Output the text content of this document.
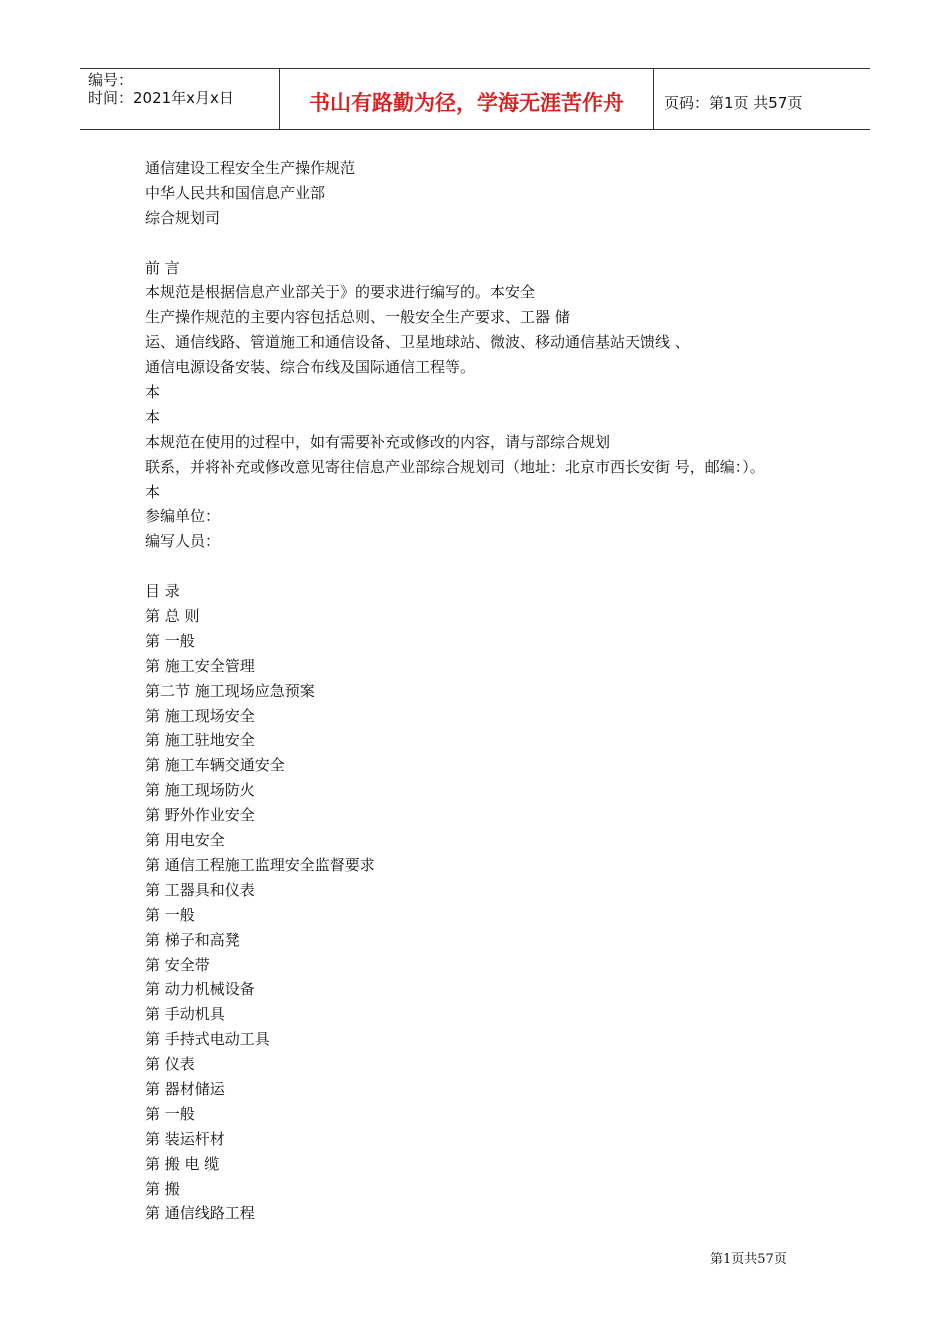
编号：
时间：2021年x月x日	书山有路勤为径，学海无涯苦作舟	页码：第1页 共57页
通信建设工程安全生产操作规范
中华人民共和国信息产业部
综合规划司
前 言
本规范是根据信息产业部关于》的要求进行编写的。本安全
生产操作规范的主要内容包括总则、一般安全生产要求、工器 储
运、通信线路、管道施工和通信设备、卫星地球站、微波、移动通信基站天馈线 、
通信电源设备安装、综合布线及国际通信工程等。
本
本
本规范在使用的过程中，如有需要补充或修改的内容，请与部综合规划
联系，并将补充或修改意见寄往信息产业部综合规划司（地址：北京市西长安街 号，邮编：）。
本
参编单位：
编写人员：
目 录
第 总 则
第 一般
第 施工安全管理
第二节 施工现场应急预案
第 施工现场安全
第 施工驻地安全
第 施工车辆交通安全
第 施工现场防火
第 野外作业安全
第 用电安全
第 通信工程施工监理安全监督要求
第 工器具和仪表
第 一般
第 梯子和高凳
第 安全带
第 动力机械设备
第 手动机具
第 手持式电动工具
第 仪表
第 器材储运
第 一般
第 装运杆材
第 搬 电 缆
第 搬
第 通信线路工程
第1页共57页
